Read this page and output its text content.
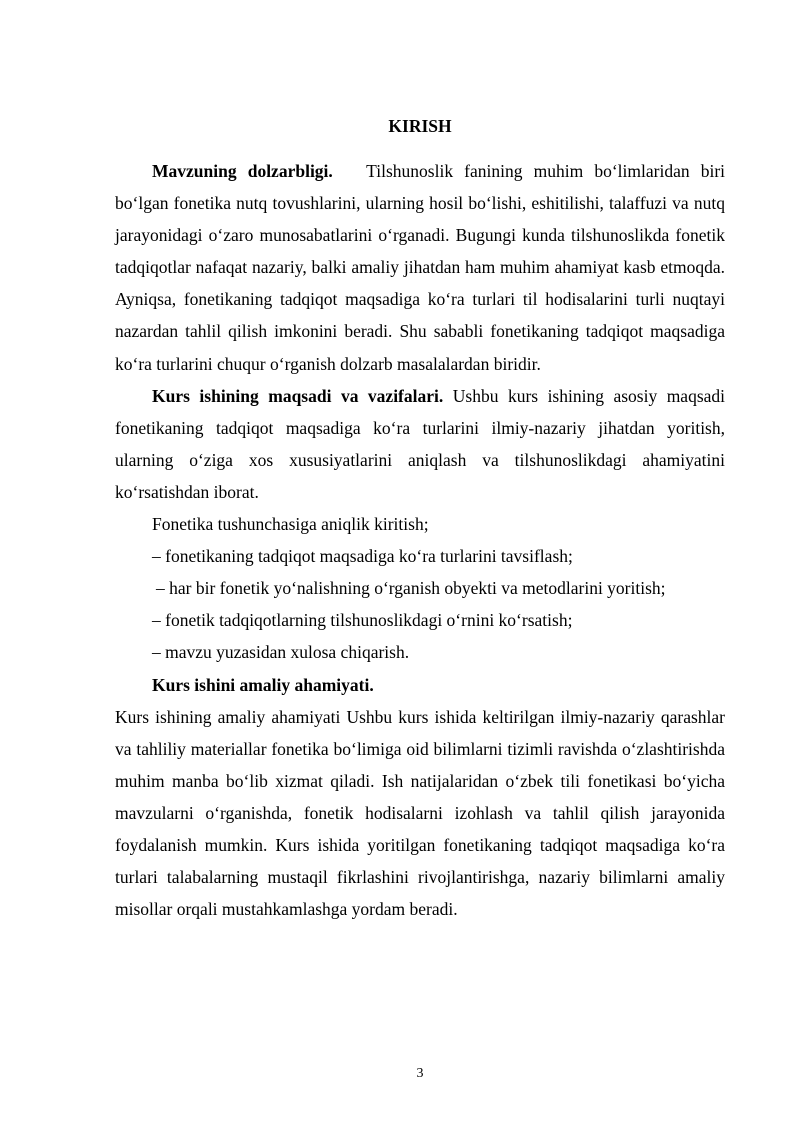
KIRISH

Mavzuning dolzarbligi. Tilshunoslik fanining muhim bo‘limlaridan biri bo‘lgan fonetika nutq tovushlarini, ularning hosil bo‘lishi, eshitilishi, talaffuzi va nutq jarayonidagi o‘zaro munosabatlarini o‘rganadi. Bugungi kunda tilshunoslikda fonetik tadqiqotlar nafaqat nazariy, balki amaliy jihatdan ham muhim ahamiyat kasb etmoqda. Ayniqsa, fonetikaning tadqiqot maqsadiga ko‘ra turlari til hodisalarini turli nuqtayi nazardan tahlil qilish imkonini beradi. Shu sababli fonetikaning tadqiqot maqsadiga ko‘ra turlarini chuqur o‘rganish dolzarb masalalardan biridir.

Kurs ishining maqsadi va vazifalari. Ushbu kurs ishining asosiy maqsadi fonetikaning tadqiqot maqsadiga ko‘ra turlarini ilmiy-nazariy jihatdan yoritish, ularning o‘ziga xos xususiyatlarini aniqlash va tilshunoslikdagi ahamiyatini ko‘rsatishdan iborat.

Fonetika tushunchasiga aniqlik kiritish;

– fonetikaning tadqiqot maqsadiga ko‘ra turlarini tavsiflash;

– har bir fonetik yo‘nalishning o‘rganish obyekti va metodlarini yoritish;

– fonetik tadqiqotlarning tilshunoslikdagi o‘rnini ko‘rsatish;

– mavzu yuzasidan xulosa chiqarish.

Kurs ishini amaliy ahamiyati.

Kurs ishining amaliy ahamiyati Ushbu kurs ishida keltirilgan ilmiy-nazariy qarashlar va tahliliy materiallar fonetika bo‘limiga oid bilimlarni tizimli ravishda o‘zlashtirishda muhim manba bo‘lib xizmat qiladi. Ish natijalaridan o‘zbek tili fonetikasi bo‘yicha mavzularni o‘rganishda, fonetik hodisalarni izohlash va tahlil qilish jarayonida foydalanish mumkin. Kurs ishida yoritilgan fonetikaning tadqiqot maqsadiga ko‘ra turlari talabalarning mustaqil fikrlashini rivojlantirishga, nazariy bilimlarni amaliy misollar orqali mustahkamlashga yordam beradi.

3
